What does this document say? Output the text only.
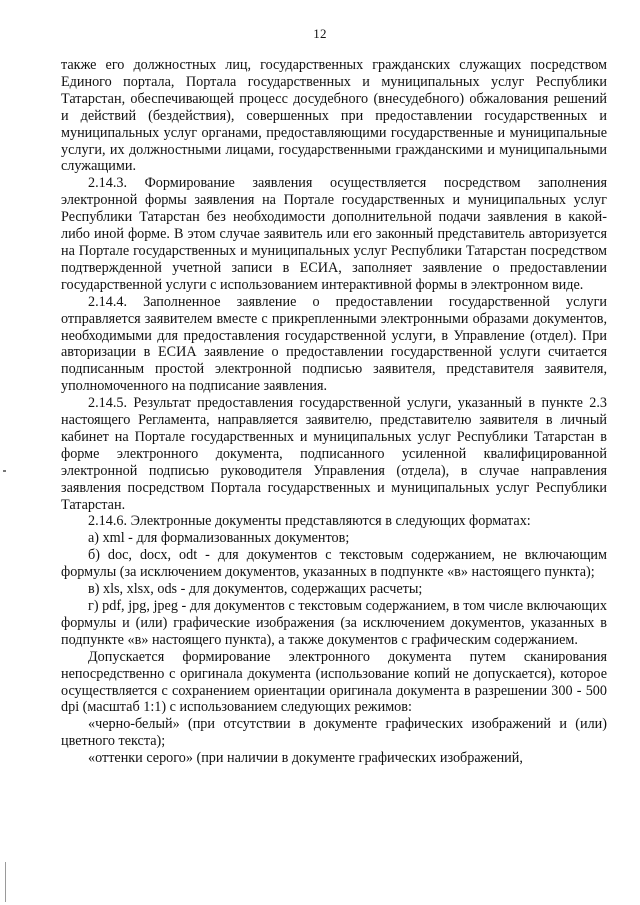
12

также его должностных лиц, государственных гражданских служащих посредством Единого портала, Портала государственных и муниципальных услуг Республики Татарстан, обеспечивающей процесс досудебного (внесудебного) обжалования решений и действий (бездействия), совершенных при предоставлении государственных и муниципальных услуг органами, предоставляющими государственные и муниципальные услуги, их должностными лицами, государственными гражданскими и муниципальными служащими.

2.14.3. Формирование заявления осуществляется посредством заполнения электронной формы заявления на Портале государственных и муниципальных услуг Республики Татарстан без необходимости дополнительной подачи заявления в какой-либо иной форме. В этом случае заявитель или его законный представитель авторизуется на Портале государственных и муниципальных услуг Республики Татарстан посредством подтвержденной учетной записи в ЕСИА, заполняет заявление о предоставлении государственной услуги с использованием интерактивной формы в электронном виде.

2.14.4. Заполненное заявление о предоставлении государственной услуги отправляется заявителем вместе с прикрепленными электронными образами документов, необходимыми для предоставления государственной услуги, в Управление (отдел). При авторизации в ЕСИА заявление о предоставлении государственной услуги считается подписанным простой электронной подписью заявителя, представителя заявителя, уполномоченного на подписание заявления.

2.14.5. Результат предоставления государственной услуги, указанный в пункте 2.3 настоящего Регламента, направляется заявителю, представителю заявителя в личный кабинет на Портале государственных и муниципальных услуг Республики Татарстан в форме электронного документа, подписанного усиленной квалифицированной электронной подписью руководителя Управления (отдела), в случае направления заявления посредством Портала государственных и муниципальных услуг Республики Татарстан.

2.14.6. Электронные документы представляются в следующих форматах:

а) xml - для формализованных документов;

б) doc, docx, odt - для документов с текстовым содержанием, не включающим формулы (за исключением документов, указанных в подпункте «в» настоящего пункта);

в) xls, xlsx, ods - для документов, содержащих расчеты;

г) pdf, jpg, jpeg - для документов с текстовым содержанием, в том числе включающих формулы и (или) графические изображения (за исключением документов, указанных в подпункте «в» настоящего пункта), а также документов с графическим содержанием.

Допускается формирование электронного документа путем сканирования непосредственно с оригинала документа (использование копий не допускается), которое осуществляется с сохранением ориентации оригинала документа в разрешении 300 - 500 dpi (масштаб 1:1) с использованием следующих режимов:

«черно-белый» (при отсутствии в документе графических изображений и (или) цветного текста);

«оттенки серого» (при наличии в документе графических изображений,
